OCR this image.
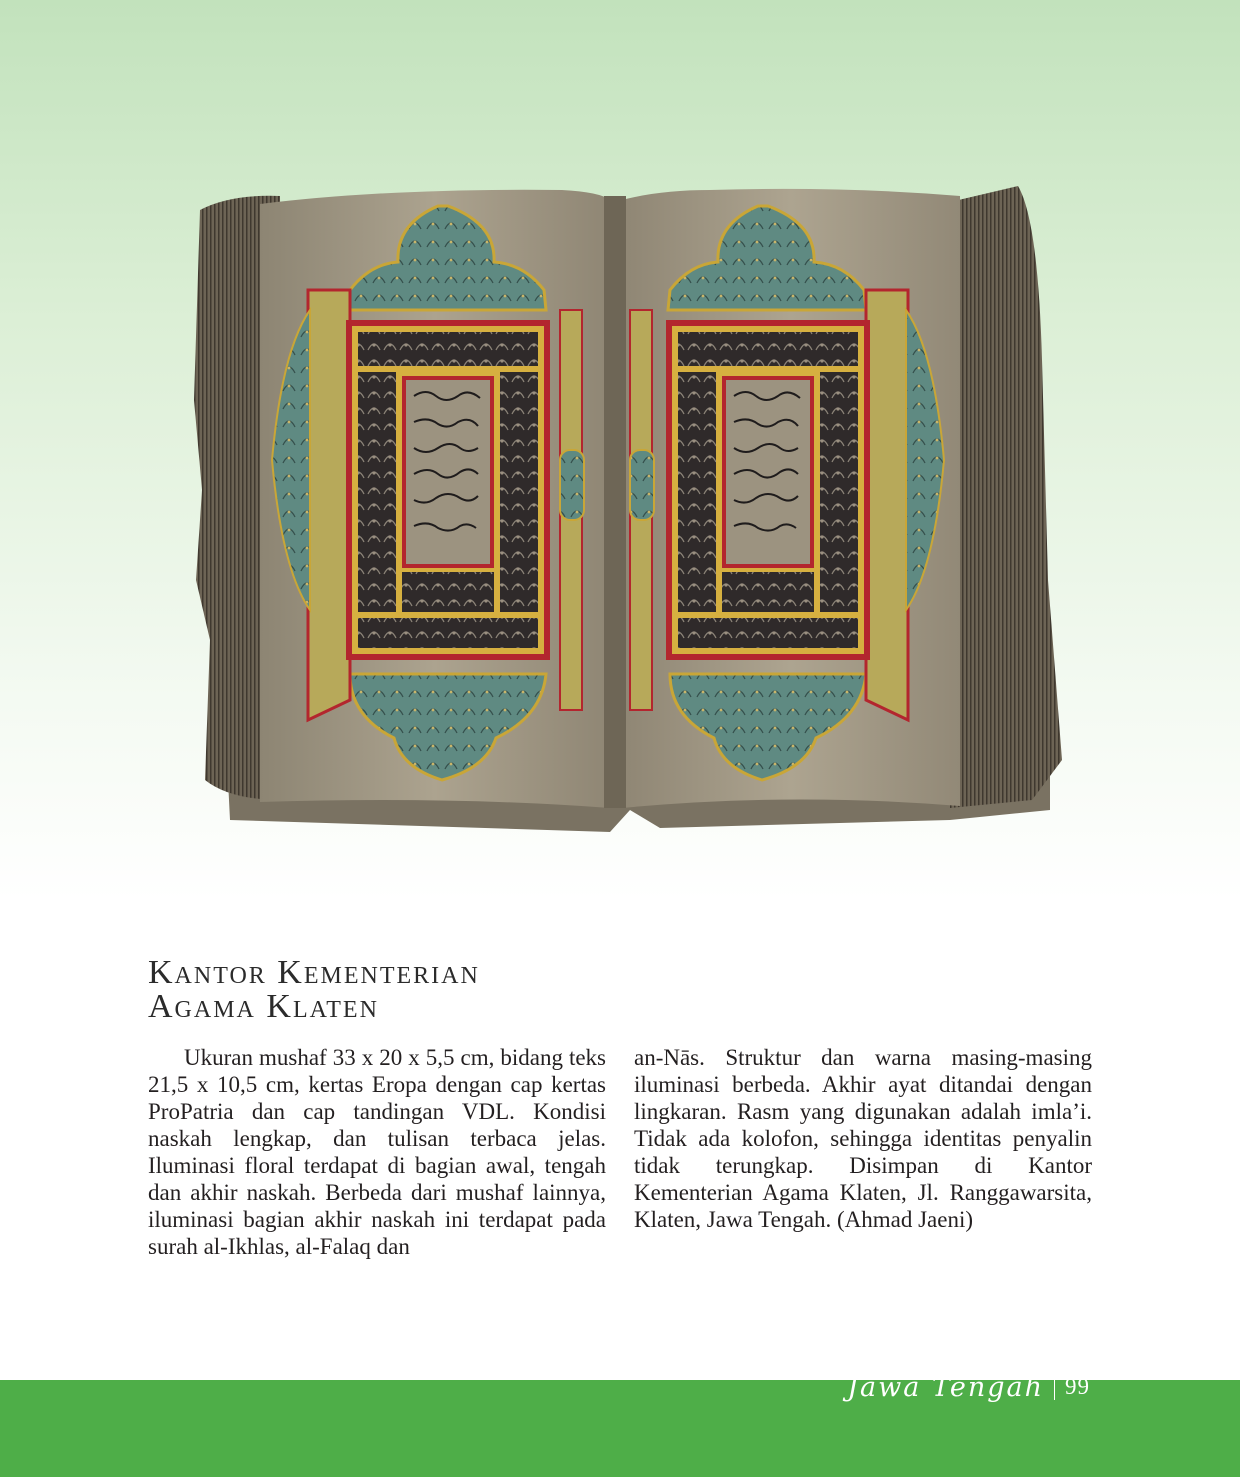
Kantor Kementerian
Agama Klaten

Ukuran mushaf 33 x 20 x 5,5 cm, bidang teks 21,5 x 10,5 cm, kertas Eropa dengan cap kertas ProPatria dan cap tandingan VDL. Kondisi naskah lengkap, dan tulisan terbaca jelas. Iluminasi floral terdapat di bagian awal, tengah dan akhir naskah. Berbeda dari mushaf lainnya, iluminasi bagian akhir naskah ini terdapat pada surah al-Ikhlas, al-Falaq dan

an-Nās. Struktur dan warna masing-masing iluminasi berbeda. Akhir ayat ditandai dengan lingkaran. Rasm yang digunakan adalah imla’i. Tidak ada kolofon, sehingga identitas penyalin tidak terungkap. Disimpan di Kantor Kementerian Agama Klaten, Jl. Ranggawarsita, Klaten, Jawa Tengah. (Ahmad Jaeni)

Jawa Tengah 99
